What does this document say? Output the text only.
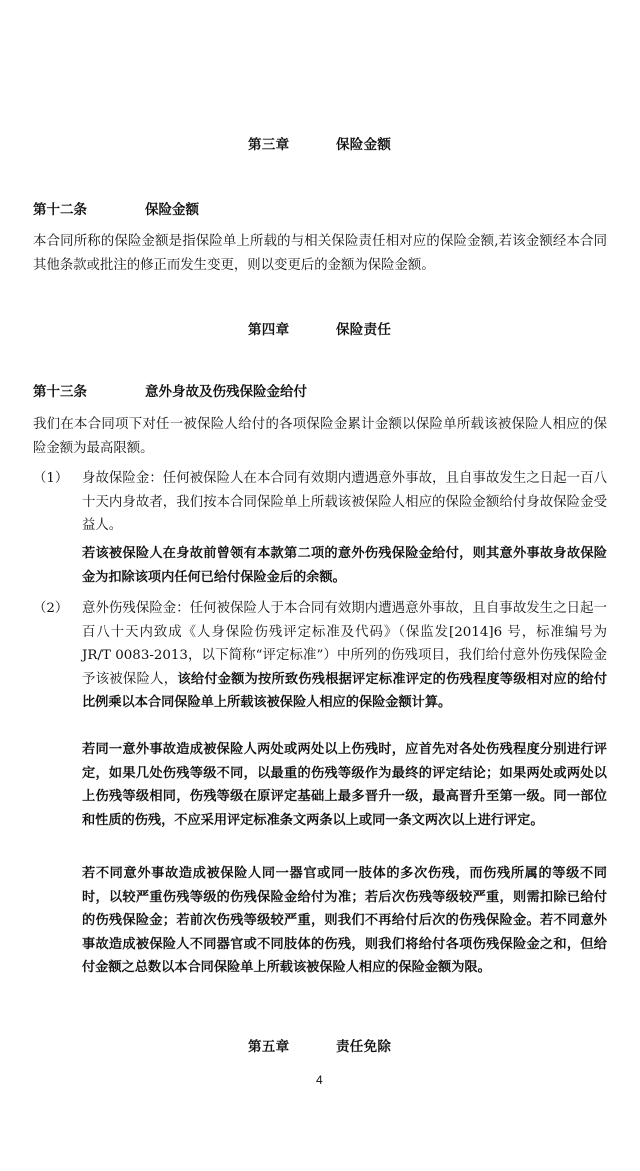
第三章	保险金额
第十二条	保险金额
本合同所称的保险金额是指保险单上所载的与相关保险责任相对应的保险金额,若该金额经本合同其他条款或批注的修正而发生变更，则以变更后的金额为保险金额。
第四章	保险责任
第十三条	意外身故及伤残保险金给付
我们在本合同项下对任一被保险人给付的各项保险金累计金额以保险单所载该被保险人相应的保险金额为最高限额。
（1） 身故保险金：任何被保险人在本合同有效期内遭遇意外事故，且自事故发生之日起一百八十天内身故者，我们按本合同保险单上所载该被保险人相应的保险金额给付身故保险金受益人。
若该被保险人在身故前曾领有本款第二项的意外伤残保险金给付，则其意外事故身故保险金为扣除该项内任何已给付保险金后的余额。
（2） 意外伤残保险金：任何被保险人于本合同有效期内遭遇意外事故，且自事故发生之日起一百八十天内致成《人身保险伤残评定标准及代码》（保监发[2014]6 号，标准编号为 JR/T 0083-2013，以下简称“评定标准”）中所列的伤残项目，我们给付意外伤残保险金予该被保险人，该给付金额为按所致伤残根据评定标准评定的伤残程度等级相对应的给付比例乘以本合同保险单上所载该被保险人相应的保险金额计算。
若同一意外事故造成被保险人两处或两处以上伤残时，应首先对各处伤残程度分别进行评定，如果几处伤残等级不同，以最重的伤残等级作为最终的评定结论；如果两处或两处以上伤残等级相同，伤残等级在原评定基础上最多晋升一级，最高晋升至第一级。同一部位和性质的伤残，不应采用评定标准条文两条以上或同一条文两次以上进行评定。
若不同意外事故造成被保险人同一器官或同一肢体的多次伤残，而伤残所属的等级不同时，以较严重伤残等级的伤残保险金给付为准；若后次伤残等级较严重，则需扣除已给付的伤残保险金；若前次伤残等级较严重，则我们不再给付后次的伤残保险金。若不同意外事故造成被保险人不同器官或不同肢体的伤残，则我们将给付各项伤残保险金之和，但给付金额之总数以本合同保险单上所载该被保险人相应的保险金额为限。
第五章	责任免除
4
